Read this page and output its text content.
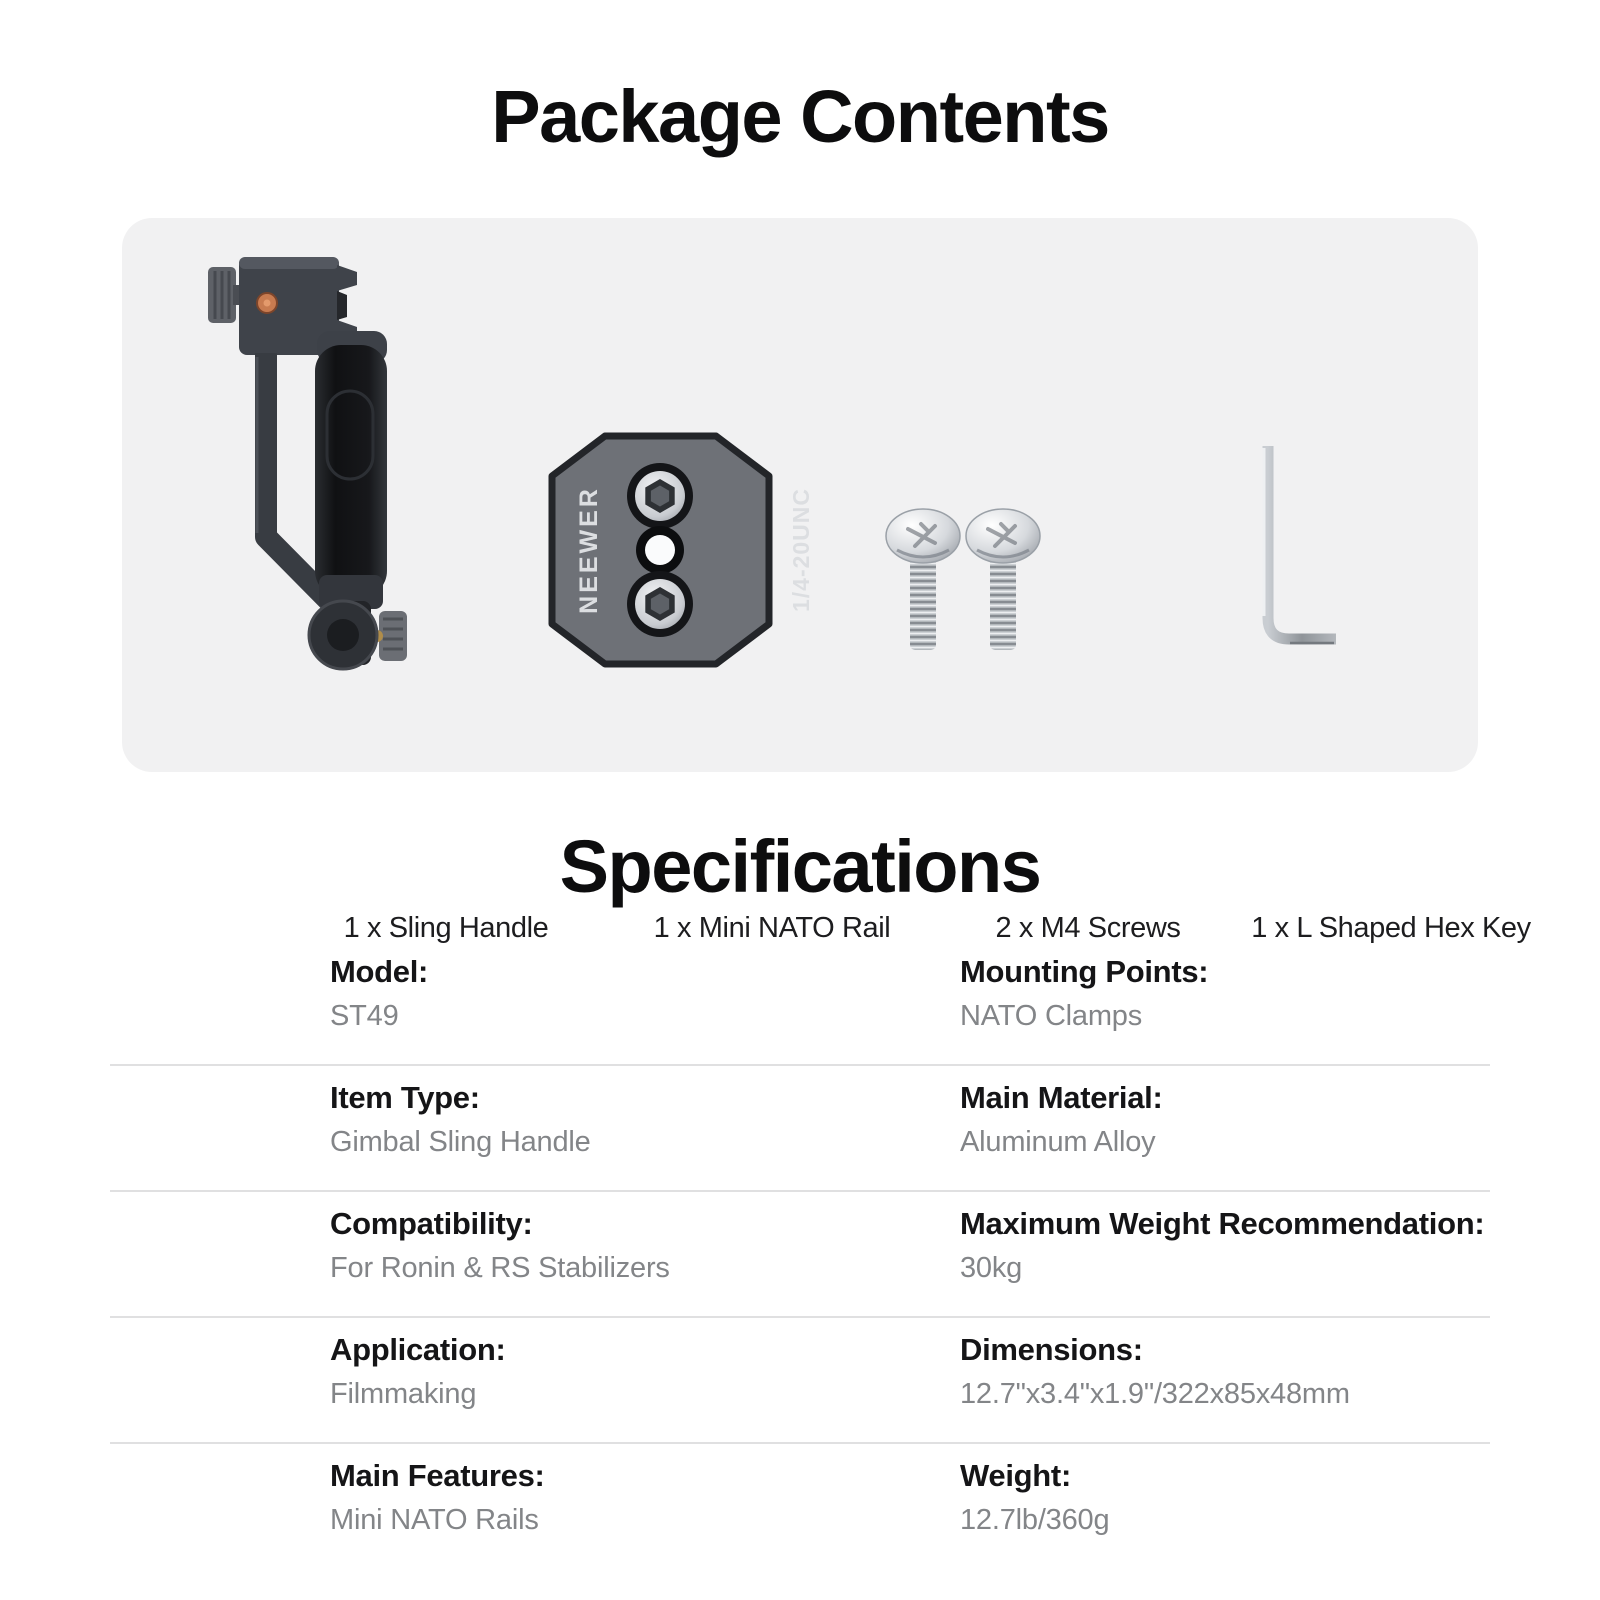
Package Contents
NEEWER	1/4-20UNC
1 x Sling Handle	1 x Mini NATO Rail	2 x M4 Screws	1 x L Shaped Hex Key
Specifications
Model:
ST49
Mounting Points:
NATO Clamps
Item Type:
Gimbal Sling Handle
Main Material:
Aluminum Alloy
Compatibility:
For Ronin & RS Stabilizers
Maximum Weight Recommendation:
30kg
Application:
Filmmaking
Dimensions:
12.7"x3.4"x1.9"/322x85x48mm
Main Features:
Mini NATO Rails
Weight:
12.7lb/360g
